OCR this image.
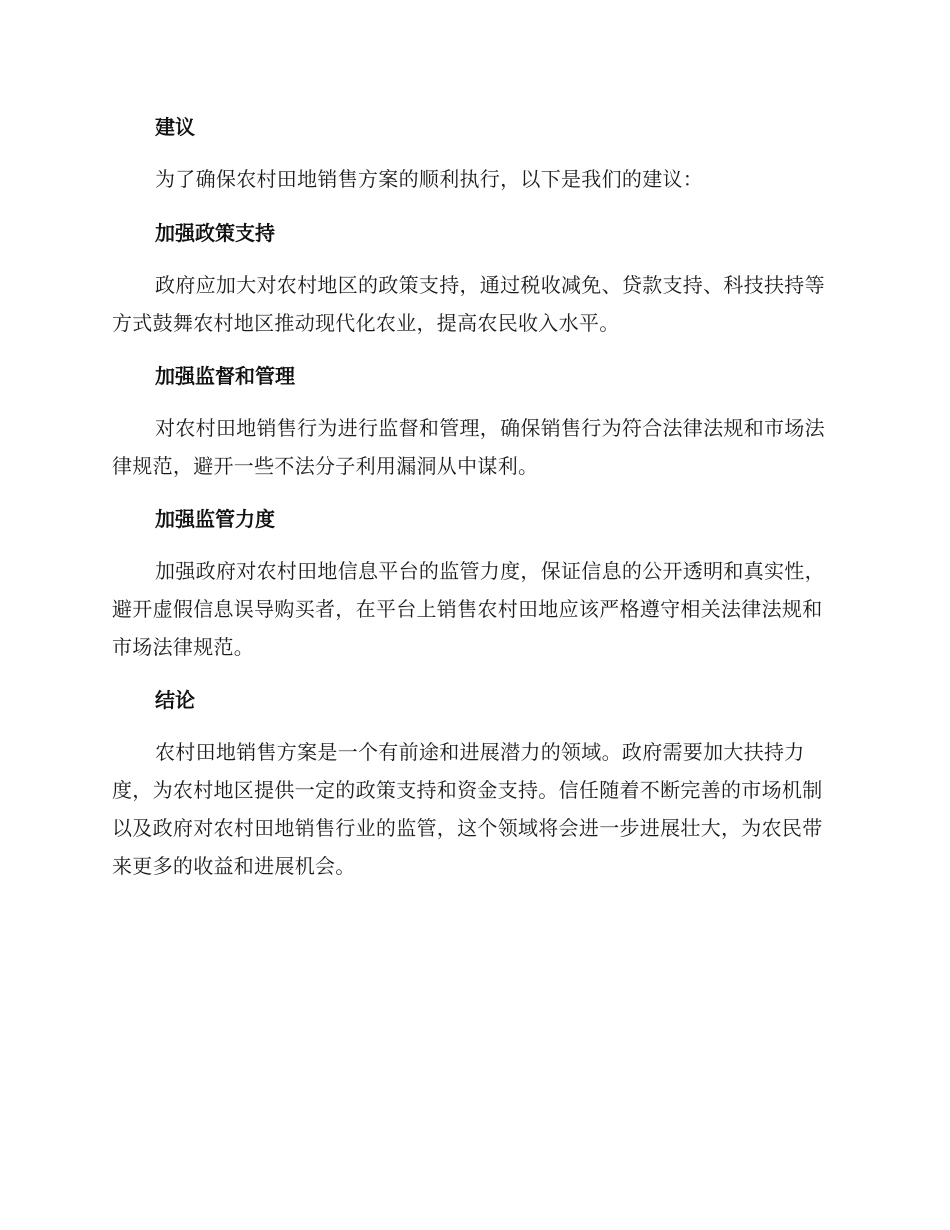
建议

为了确保农村田地销售方案的顺利执行，以下是我们的建议：

加强政策支持

政府应加大对农村地区的政策支持，通过税收减免、贷款支持、科技扶持等方式鼓舞农村地区推动现代化农业，提高农民收入水平。

加强监督和管理

对农村田地销售行为进行监督和管理，确保销售行为符合法律法规和市场法律规范，避开一些不法分子利用漏洞从中谋利。

加强监管力度

加强政府对农村田地信息平台的监管力度，保证信息的公开透明和真实性，避开虚假信息误导购买者，在平台上销售农村田地应该严格遵守相关法律法规和市场法律规范。

结论

农村田地销售方案是一个有前途和进展潜力的领域。政府需要加大扶持力度，为农村地区提供一定的政策支持和资金支持。信任随着不断完善的市场机制以及政府对农村田地销售行业的监管，这个领域将会进一步进展壮大，为农民带来更多的收益和进展机会。
